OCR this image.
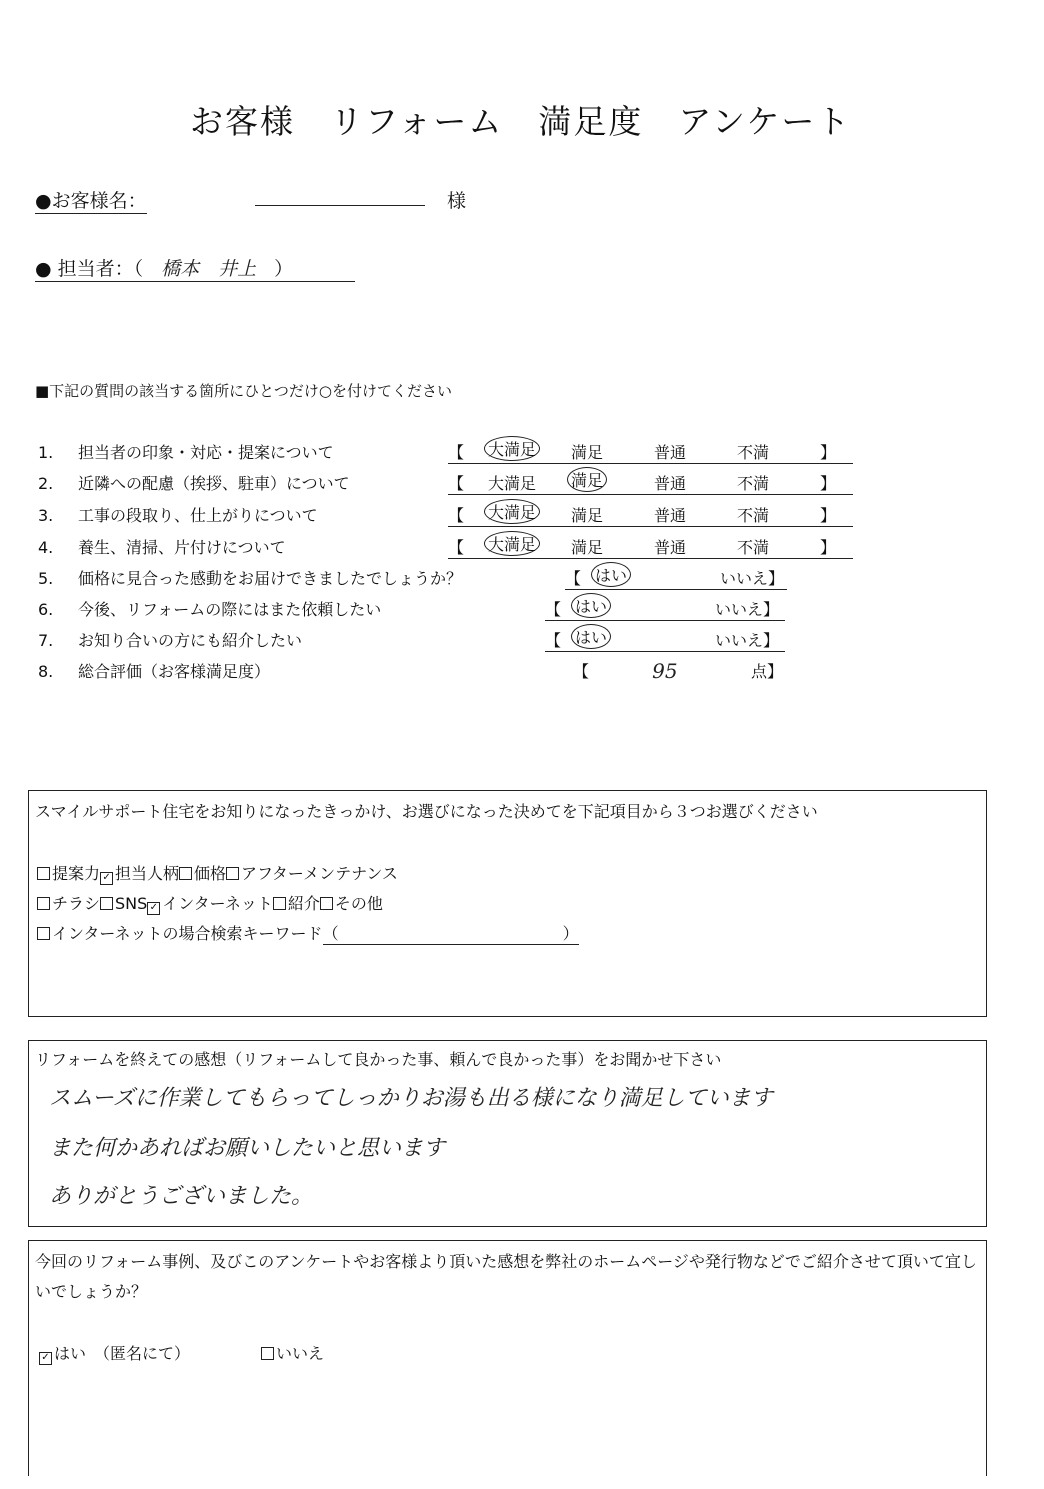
お客様　リフォーム　満足度　アンケート
●お客様名：	様
● 担当者：（ 橋本　井上 ）
■下記の質問の該当する箇所にひとつだけ○を付けてください
1. 担当者の印象・対応・提案について	【	大満足	満足	普通	不満	】
2. 近隣への配慮（挨拶、駐車）について	【	大満足	満足	普通	不満	】
3. 工事の段取り、仕上がりについて	【	大満足	満足	普通	不満	】
4. 養生、清掃、片付けについて	【	大満足	満足	普通	不満	】
5. 価格に見合った感動をお届けできましたでしょうか？	【 はい	いいえ 】
6. 今後、リフォームの際にはまた依頼したい	【 はい	いいえ 】
7. お知り合いの方にも紹介したい	【 はい	いいえ 】
8. 総合評価（お客様満足度）	【	95	点 】
スマイルサポート住宅をお知りになったきっかけ、お選びになった決めてを下記項目から３つお選びください
提案力 ✓ 担当人柄 価格 アフターメンテナンス
チラシ SNS ✓ インターネット 紹介 その他
インターネットの場合検索キーワード（　　　　　　　　　　　　　　）
リフォームを終えての感想（リフォームして良かった事、頼んで良かった事）をお聞かせ下さい
スムーズに作業してもらってしっかりお湯も出る様になり満足しています
また何かあればお願いしたいと思います
ありがとうございました。
今回のリフォーム事例、及びこのアンケートやお客様より頂いた感想を弊社のホームページや発行物などでご紹介させて頂いて宜しいでしょうか？
✓ はい　（匿名にて）	いいえ
